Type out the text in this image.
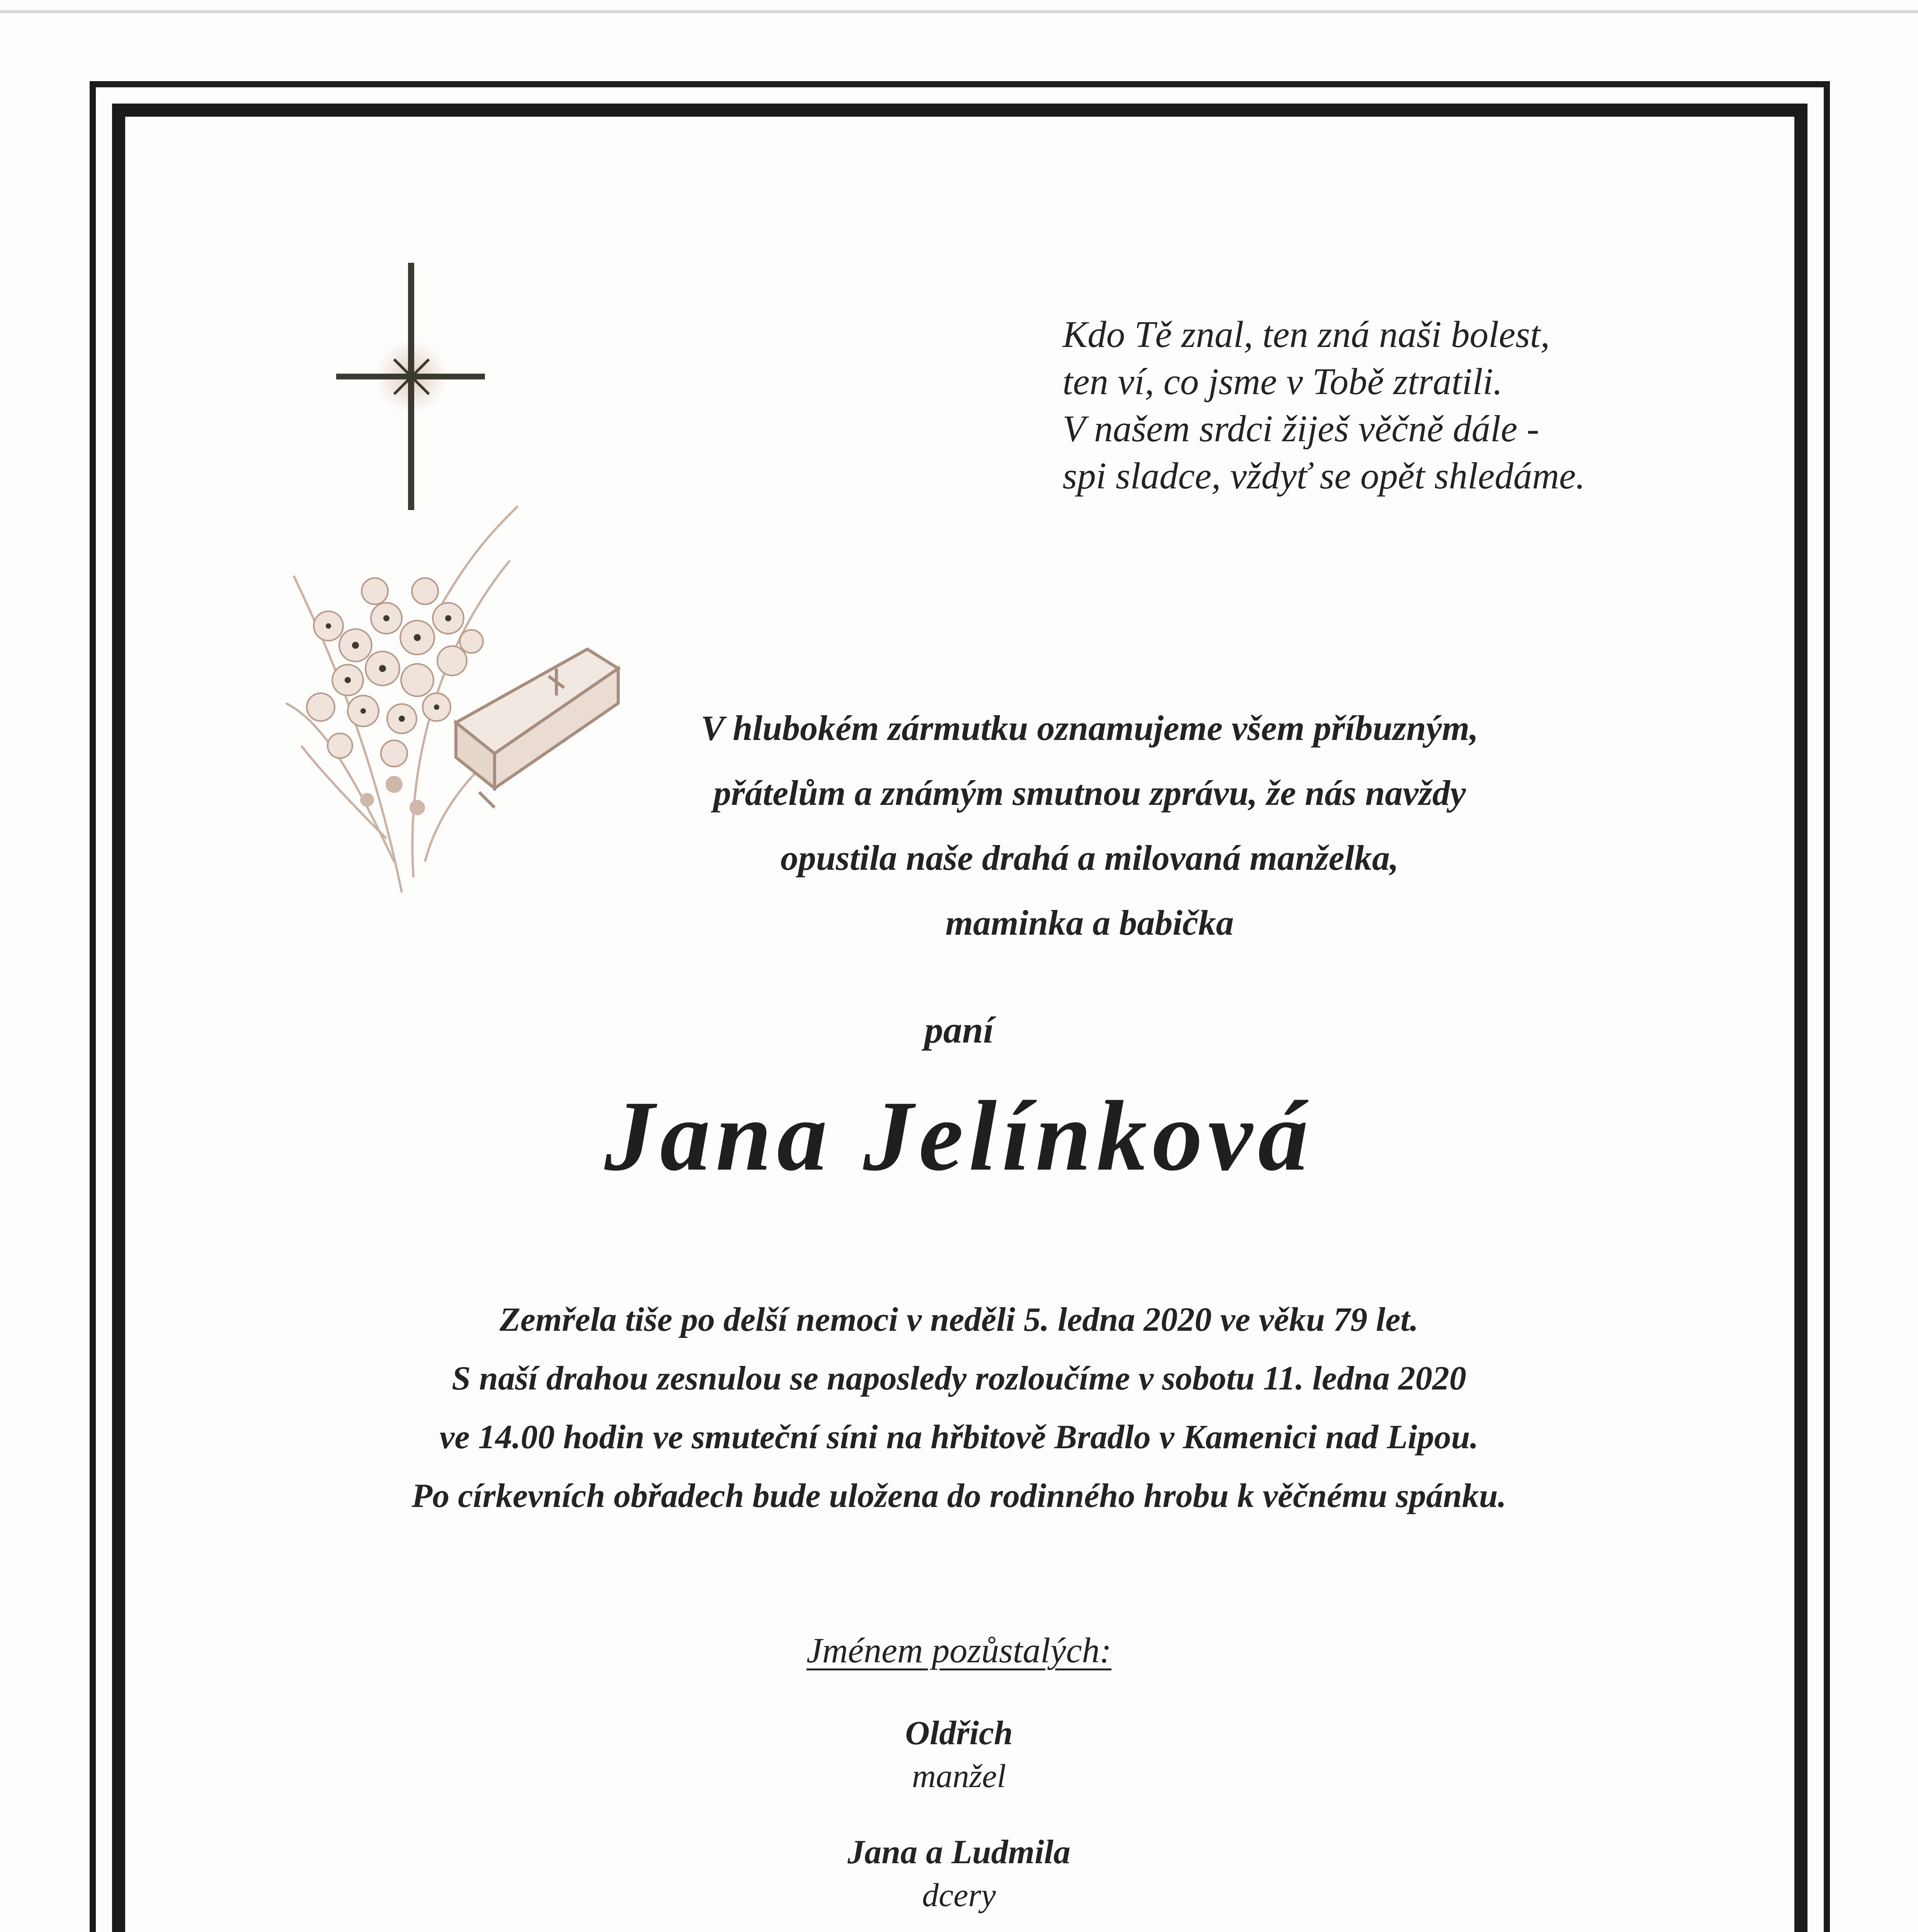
Kdo Tě znal, ten zná naši bolest,
ten ví, co jsme v Tobě ztratili.
V našem srdci žiješ věčně dále -
spi sladce, vždyť se opět shledáme.
V hlubokém zármutku oznamujeme všem příbuzným,
přátelům a známým smutnou zprávu, že nás navždy
opustila naše drahá a milovaná manželka,
maminka a babička
paní
Jana Jelínková
Zemřela tiše po delší nemoci v neděli 5. ledna 2020 ve věku 79 let.
S naší drahou zesnulou se naposledy rozloučíme v sobotu 11. ledna 2020
ve 14.00 hodin ve smuteční síni na hřbitově Bradlo v Kamenici nad Lipou.
Po církevních obřadech bude uložena do rodinného hrobu k věčnému spánku.
Jménem pozůstalých:
Oldřich
manžel
Jana a Ludmila
dcery
